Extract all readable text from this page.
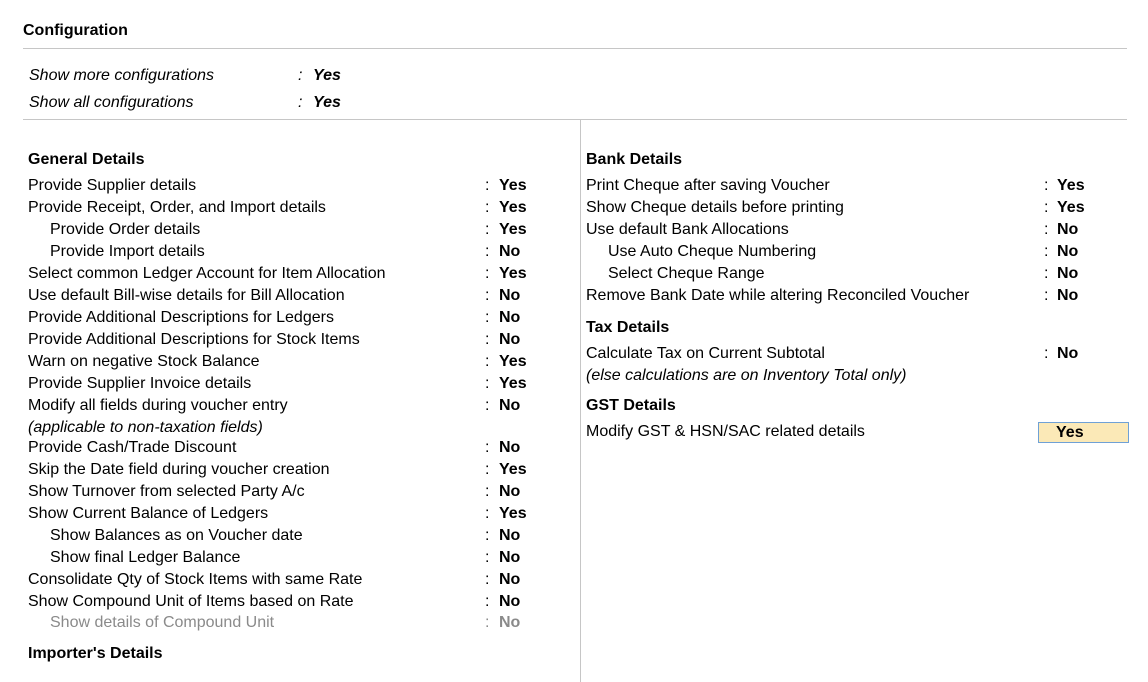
Configuration
Show more configurations	: Yes
Show all configurations	: Yes
General Details
Provide Supplier details	: Yes
Provide Receipt, Order, and Import details	: Yes
Provide Order details	: Yes
Provide Import details	: No
Select common Ledger Account for Item Allocation	: Yes
Use default Bill-wise details for Bill Allocation	: No
Provide Additional Descriptions for Ledgers	: No
Provide Additional Descriptions for Stock Items	: No
Warn on negative Stock Balance	: Yes
Provide Supplier Invoice details	: Yes
Modify all fields during voucher entry	: No
Provide Cash/Trade Discount	: No
Skip the Date field during voucher creation	: Yes
Show Turnover from selected Party A/c	: No
Show Current Balance of Ledgers	: Yes
Show Balances as on Voucher date	: No
Show final Ledger Balance	: No
Consolidate Qty of Stock Items with same Rate	: No
Show Compound Unit of Items based on Rate	: No
Show details of Compound Unit	: No
(applicable to non-taxation fields)
Importer's Details
Bank Details
Print Cheque after saving Voucher	: Yes
Show Cheque details before printing	: Yes
Use default Bank Allocations	: No
Use Auto Cheque Numbering	: No
Select Cheque Range	: No
Remove Bank Date while altering Reconciled Voucher	: No
Tax Details
Calculate Tax on Current Subtotal	: No
(else calculations are on Inventory Total only)
GST Details
Modify GST & HSN/SAC related details	Yes
